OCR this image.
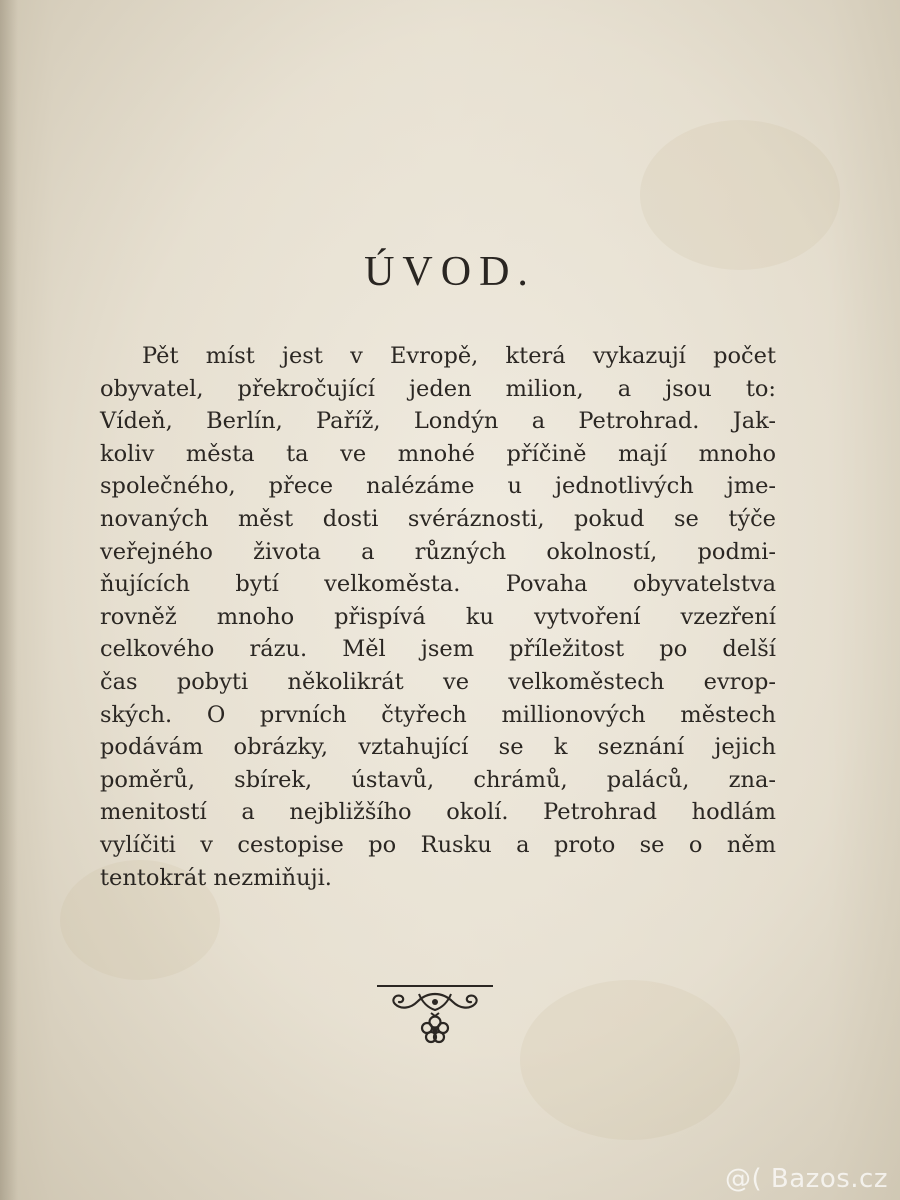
ÚVOD.
Pět míst jest v Evropě, která vykazují počet
obyvatel, překročující jeden milion, a jsou to:
Vídeň, Berlín, Paříž, Londýn a Petrohrad. Jak-
koliv města ta ve mnohé příčině mají mnoho
společného, přece nalézáme u jednotlivých jme-
novaných měst dosti svéráznosti, pokud se týče
veřejného života a různých okolností, podmi-
ňujících bytí velkoměsta. Povaha obyvatelstva
rovněž mnoho přispívá ku vytvoření vzezření
celkového rázu. Měl jsem příležitost po delší
čas pobyti několikrát ve velkoměstech evrop-
ských. O prvních čtyřech millionových městech
podávám obrázky, vztahující se k seznání jejich
poměrů, sbírek, ústavů, chrámů, paláců, zna-
menitostí a nejbližšího okolí. Petrohrad hodlám
vylíčiti v cestopise po Rusku a proto se o něm
tentokrát nezmiňuji.
@( Bazos.cz
